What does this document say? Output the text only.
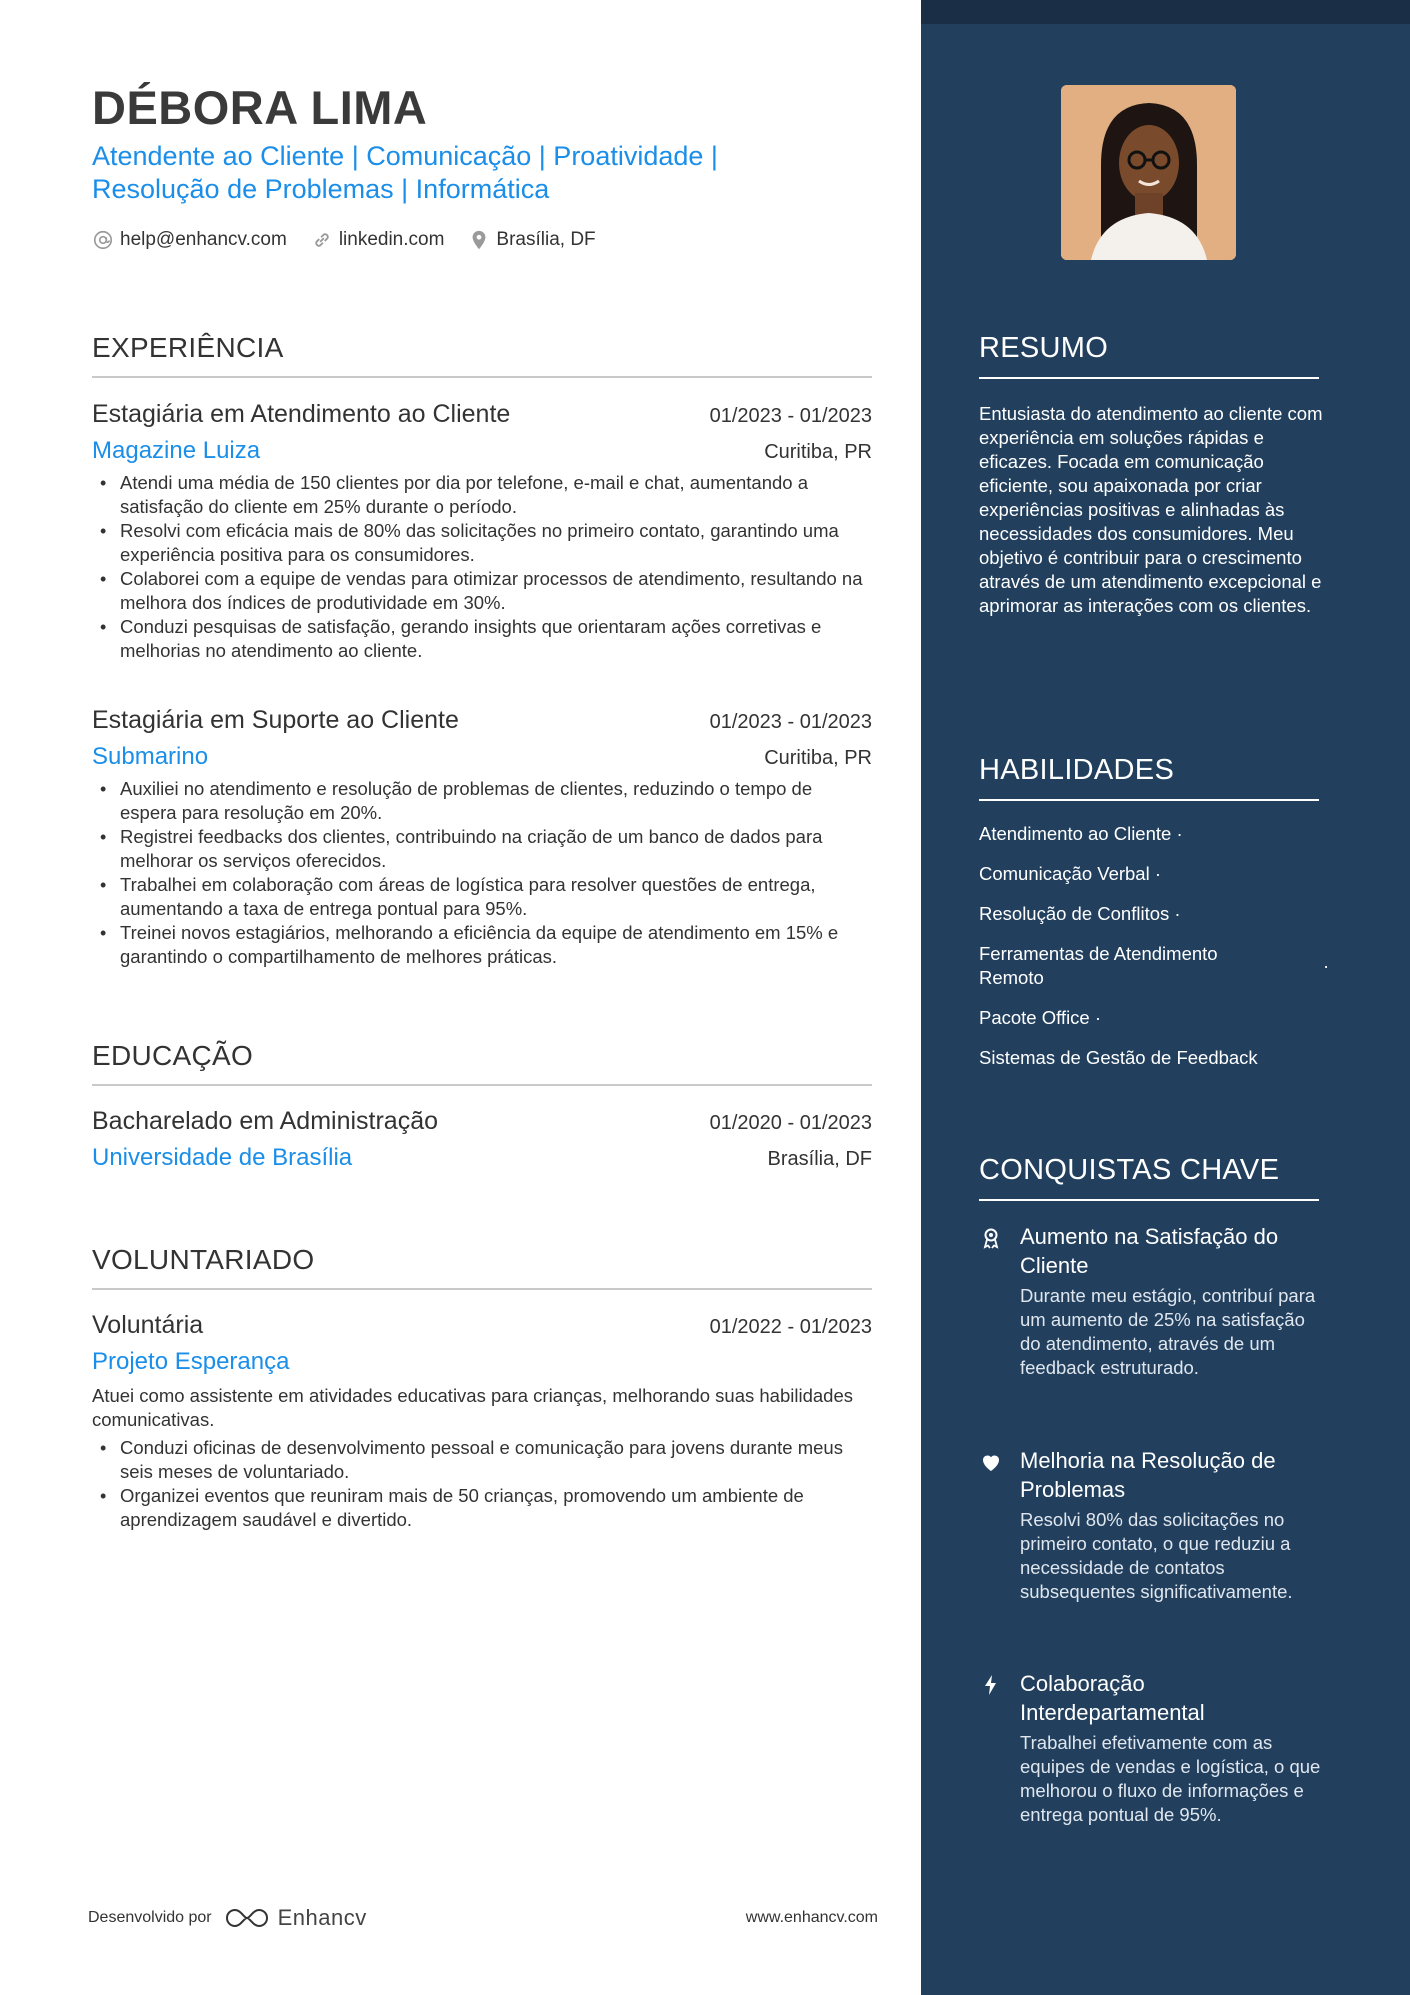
DÉBORA LIMA
Atendente ao Cliente | Comunicação | Proatividade | Resolução de Problemas | Informática
help@enhancv.com	linkedin.com	Brasília, DF
EXPERIÊNCIA
Estagiária em Atendimento ao Cliente	01/2023 - 01/2023
Magazine Luiza	Curitiba, PR
• Atendi uma média de 150 clientes por dia por telefone, e-mail e chat, aumentando a satisfação do cliente em 25% durante o período.
• Resolvi com eficácia mais de 80% das solicitações no primeiro contato, garantindo uma experiência positiva para os consumidores.
• Colaborei com a equipe de vendas para otimizar processos de atendimento, resultando na melhora dos índices de produtividade em 30%.
• Conduzi pesquisas de satisfação, gerando insights que orientaram ações corretivas e melhorias no atendimento ao cliente.
Estagiária em Suporte ao Cliente	01/2023 - 01/2023
Submarino	Curitiba, PR
• Auxiliei no atendimento e resolução de problemas de clientes, reduzindo o tempo de espera para resolução em 20%.
• Registrei feedbacks dos clientes, contribuindo na criação de um banco de dados para melhorar os serviços oferecidos.
• Trabalhei em colaboração com áreas de logística para resolver questões de entrega, aumentando a taxa de entrega pontual para 95%.
• Treinei novos estagiários, melhorando a eficiência da equipe de atendimento em 15% e garantindo o compartilhamento de melhores práticas.
EDUCAÇÃO
Bacharelado em Administração	01/2020 - 01/2023
Universidade de Brasília	Brasília, DF
VOLUNTARIADO
Voluntária	01/2022 - 01/2023
Projeto Esperança
Atuei como assistente em atividades educativas para crianças, melhorando suas habilidades comunicativas.
• Conduzi oficinas de desenvolvimento pessoal e comunicação para jovens durante meus seis meses de voluntariado.
• Organizei eventos que reuniram mais de 50 crianças, promovendo um ambiente de aprendizagem saudável e divertido.
Desenvolvido por	Enhancv	www.enhancv.com
RESUMO
Entusiasta do atendimento ao cliente com experiência em soluções rápidas e eficazes. Focada em comunicação eficiente, sou apaixonada por criar experiências positivas e alinhadas às necessidades dos consumidores. Meu objetivo é contribuir para o crescimento através de um atendimento excepcional e aprimorar as interações com os clientes.
HABILIDADES
Atendimento ao Cliente ·
Comunicação Verbal ·
Resolução de Conflitos ·
Ferramentas de Atendimento Remoto
·
Pacote Office ·
Sistemas de Gestão de Feedback
CONQUISTAS CHAVE
Aumento na Satisfação do Cliente
Durante meu estágio, contribuí para um aumento de 25% na satisfação do atendimento, através de um feedback estruturado.
Melhoria na Resolução de Problemas
Resolvi 80% das solicitações no primeiro contato, o que reduziu a necessidade de contatos subsequentes significativamente.
Colaboração Interdepartamental
Trabalhei efetivamente com as equipes de vendas e logística, o que melhorou o fluxo de informações e entrega pontual de 95%.
